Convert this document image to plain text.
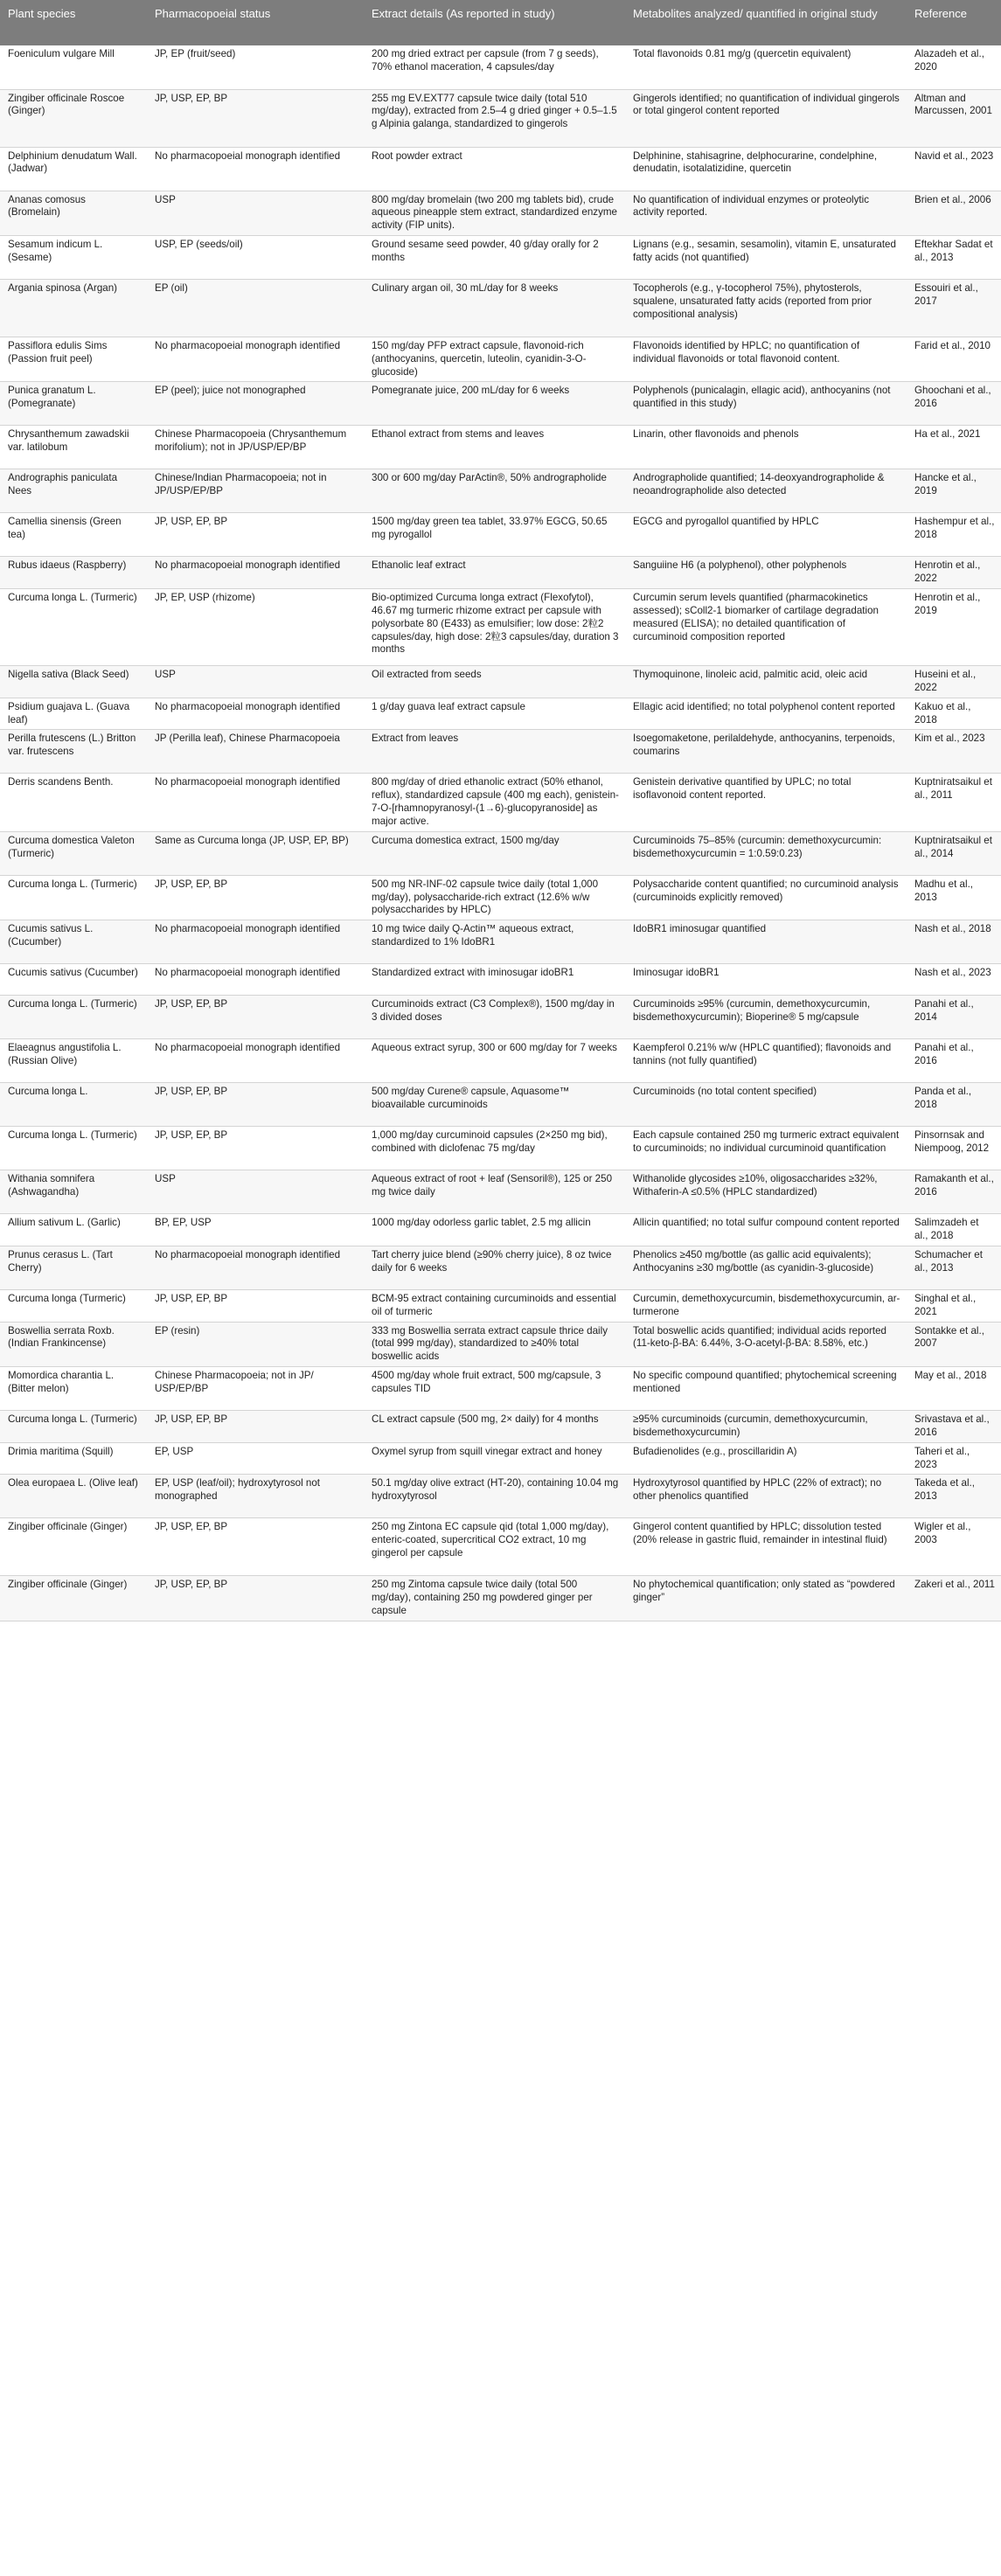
Plant species	Pharmacopoeial status	Extract details (As reported in study)	Metabolites analyzed/ quantified in original study	Reference
Foeniculum vulgare Mill	JP, EP (fruit/seed)	200 mg dried extract per capsule (from 7 g seeds), 70% ethanol maceration, 4 capsules/day	Total flavonoids 0.81 mg/g (quercetin equivalent)	Alazadeh et al., 2020
Zingiber officinale Roscoe (Ginger)	JP, USP, EP, BP	255 mg EV.EXT77 capsule twice daily (total 510 mg/day), extracted from 2.5–4 g dried ginger + 0.5–1.5 g Alpinia galanga, standardized to gingerols	Gingerols identified; no quantification of individual gingerols or total gingerol content reported	Altman and Marcussen, 2001
Delphinium denudatum Wall. (Jadwar)	No pharmacopoeial monograph identified	Root powder extract	Delphinine, stahisagrine, delphocurarine, condelphine, denudatin, isotalatizidine, quercetin	Navid et al., 2023
Ananas comosus (Bromelain)	USP	800 mg/day bromelain (two 200 mg tablets bid), crude aqueous pineapple stem extract, standardized enzyme activity (FIP units).	No quantification of individual enzymes or proteolytic activity reported.	Brien et al., 2006
Sesamum indicum L. (Sesame)	USP, EP (seeds/oil)	Ground sesame seed powder, 40 g/day orally for 2 months	Lignans (e.g., sesamin, sesamolin), vitamin E, unsaturated fatty acids (not quantified)	Eftekhar Sadat et al., 2013
Argania spinosa (Argan)	EP (oil)	Culinary argan oil, 30 mL/day for 8 weeks	Tocopherols (e.g., γ-tocopherol 75%), phytosterols, squalene, unsaturated fatty acids (reported from prior compositional analysis)	Essouiri et al., 2017
Passiflora edulis Sims (Passion fruit peel)	No pharmacopoeial monograph identified	150 mg/day PFP extract capsule, flavonoid-rich (anthocyanins, quercetin, luteolin, cyanidin-3-O-glucoside)	Flavonoids identified by HPLC; no quantification of individual flavonoids or total flavonoid content.	Farid et al., 2010
Punica granatum L. (Pomegranate)	EP (peel); juice not monographed	Pomegranate juice, 200 mL/day for 6 weeks	Polyphenols (punicalagin, ellagic acid), anthocyanins (not quantified in this study)	Ghoochani et al., 2016
Chrysanthemum zawadskii var. latilobum	Chinese Pharmacopoeia (Chrysanthemum morifolium); not in JP/USP/EP/BP	Ethanol extract from stems and leaves	Linarin, other flavonoids and phenols	Ha et al., 2021
Andrographis paniculata Nees	Chinese/Indian Pharmacopoeia; not in JP/USP/EP/BP	300 or 600 mg/day ParActin®, 50% andrographolide	Andrographolide quantified; 14-deoxyandrographolide & neoandrographolide also detected	Hancke et al., 2019
Camellia sinensis (Green tea)	JP, USP, EP, BP	1500 mg/day green tea tablet, 33.97% EGCG, 50.65 mg pyrogallol	EGCG and pyrogallol quantified by HPLC	Hashempur et al., 2018
Rubus idaeus (Raspberry)	No pharmacopoeial monograph identified	Ethanolic leaf extract	Sanguiine H6 (a polyphenol), other polyphenols	Henrotin et al., 2022
Curcuma longa L. (Turmeric)	JP, EP, USP (rhizome)	Bio-optimized Curcuma longa extract (Flexofytol), 46.67 mg turmeric rhizome extract per capsule with polysorbate 80 (E433) as emulsifier; low dose: 2粒2 capsules/day, high dose: 2粒3 capsules/day, duration 3 months	Curcumin serum levels quantified (pharmacokinetics assessed); sColl2-1 biomarker of cartilage degradation measured (ELISA); no detailed quantification of curcuminoid composition reported	Henrotin et al., 2019
Nigella sativa (Black Seed)	USP	Oil extracted from seeds	Thymoquinone, linoleic acid, palmitic acid, oleic acid	Huseini et al., 2022
Psidium guajava L. (Guava leaf)	No pharmacopoeial monograph identified	1 g/day guava leaf extract capsule	Ellagic acid identified; no total polyphenol content reported	Kakuo et al., 2018
Perilla frutescens (L.) Britton var. frutescens	JP (Perilla leaf), Chinese Pharmacopoeia	Extract from leaves	Isoegomaketone, perilaldehyde, anthocyanins, terpenoids, coumarins	Kim et al., 2023
Derris scandens Benth.	No pharmacopoeial monograph identified	800 mg/day of dried ethanolic extract (50% ethanol, reflux), standardized capsule (400 mg each), genistein-7-O-[rhamnopyranosyl-(1→6)-glucopyranoside] as major active.	Genistein derivative quantified by UPLC; no total isoflavonoid content reported.	Kuptniratsaikul et al., 2011
Curcuma domestica Valeton (Turmeric)	Same as Curcuma longa (JP, USP, EP, BP)	Curcuma domestica extract, 1500 mg/day	Curcuminoids 75–85% (curcumin: demethoxycurcumin: bisdemethoxycurcumin = 1:0.59:0.23)	Kuptniratsaikul et al., 2014
Curcuma longa L. (Turmeric)	JP, USP, EP, BP	500 mg NR-INF-02 capsule twice daily (total 1,000 mg/day), polysaccharide-rich extract (12.6% w/w polysaccharides by HPLC)	Polysaccharide content quantified; no curcuminoid analysis (curcuminoids explicitly removed)	Madhu et al., 2013
Cucumis sativus L. (Cucumber)	No pharmacopoeial monograph identified	10 mg twice daily Q-Actin™ aqueous extract, standardized to 1% IdoBR1	IdoBR1 iminosugar quantified	Nash et al., 2018
Cucumis sativus (Cucumber)	No pharmacopoeial monograph identified	Standardized extract with iminosugar idoBR1	Iminosugar idoBR1	Nash et al., 2023
Curcuma longa L. (Turmeric)	JP, USP, EP, BP	Curcuminoids extract (C3 Complex®), 1500 mg/day in 3 divided doses	Curcuminoids ≥95% (curcumin, demethoxycurcumin, bisdemethoxycurcumin); Bioperine® 5 mg/capsule	Panahi et al., 2014
Elaeagnus angustifolia L. (Russian Olive)	No pharmacopoeial monograph identified	Aqueous extract syrup, 300 or 600 mg/day for 7 weeks	Kaempferol 0.21% w/w (HPLC quantified); flavonoids and tannins (not fully quantified)	Panahi et al., 2016
Curcuma longa L.	JP, USP, EP, BP	500 mg/day Curene® capsule, Aquasome™ bioavailable curcuminoids	Curcuminoids (no total content specified)	Panda et al., 2018
Curcuma longa L. (Turmeric)	JP, USP, EP, BP	1,000 mg/day curcuminoid capsules (2×250 mg bid), combined with diclofenac 75 mg/day	Each capsule contained 250 mg turmeric extract equivalent to curcuminoids; no individual curcuminoid quantification	Pinsornsak and Niempoog, 2012
Withania somnifera (Ashwagandha)	USP	Aqueous extract of root + leaf (Sensoril®), 125 or 250 mg twice daily	Withanolide glycosides ≥10%, oligosaccharides ≥32%, Withaferin-A ≤0.5% (HPLC standardized)	Ramakanth et al., 2016
Allium sativum L. (Garlic)	BP, EP, USP	1000 mg/day odorless garlic tablet, 2.5 mg allicin	Allicin quantified; no total sulfur compound content reported	Salimzadeh et al., 2018
Prunus cerasus L. (Tart Cherry)	No pharmacopoeial monograph identified	Tart cherry juice blend (≥90% cherry juice), 8 oz twice daily for 6 weeks	Phenolics ≥450 mg/bottle (as gallic acid equivalents); Anthocyanins ≥30 mg/bottle (as cyanidin-3-glucoside)	Schumacher et al., 2013
Curcuma longa (Turmeric)	JP, USP, EP, BP	BCM-95 extract containing curcuminoids and essential oil of turmeric	Curcumin, demethoxycurcumin, bisdemethoxycurcumin, ar-turmerone	Singhal et al., 2021
Boswellia serrata Roxb. (Indian Frankincense)	EP (resin)	333 mg Boswellia serrata extract capsule thrice daily (total 999 mg/day), standardized to ≥40% total boswellic acids	Total boswellic acids quantified; individual acids reported (11-keto-β-BA: 6.44%, 3-O-acetyl-β-BA: 8.58%, etc.)	Sontakke et al., 2007
Momordica charantia L. (Bitter melon)	Chinese Pharmacopoeia; not in JP/ USP/EP/BP	4500 mg/day whole fruit extract, 500 mg/capsule, 3 capsules TID	No specific compound quantified; phytochemical screening mentioned	May et al., 2018
Curcuma longa L. (Turmeric)	JP, USP, EP, BP	CL extract capsule (500 mg, 2× daily) for 4 months	≥95% curcuminoids (curcumin, demethoxycurcumin, bisdemethoxycurcumin)	Srivastava et al., 2016
Drimia maritima (Squill)	EP, USP	Oxymel syrup from squill vinegar extract and honey	Bufadienolides (e.g., proscillaridin A)	Taheri et al., 2023
Olea europaea L. (Olive leaf)	EP, USP (leaf/oil); hydroxytyrosol not monographed	50.1 mg/day olive extract (HT-20), containing 10.04 mg hydroxytyrosol	Hydroxytyrosol quantified by HPLC (22% of extract); no other phenolics quantified	Takeda et al., 2013
Zingiber officinale (Ginger)	JP, USP, EP, BP	250 mg Zintona EC capsule qid (total 1,000 mg/day), enteric-coated, supercritical CO2 extract, 10 mg gingerol per capsule	Gingerol content quantified by HPLC; dissolution tested (20% release in gastric fluid, remainder in intestinal fluid)	Wigler et al., 2003
Zingiber officinale (Ginger)	JP, USP, EP, BP	250 mg Zintoma capsule twice daily (total 500 mg/day), containing 250 mg powdered ginger per capsule	No phytochemical quantification; only stated as “powdered ginger”	Zakeri et al., 2011
